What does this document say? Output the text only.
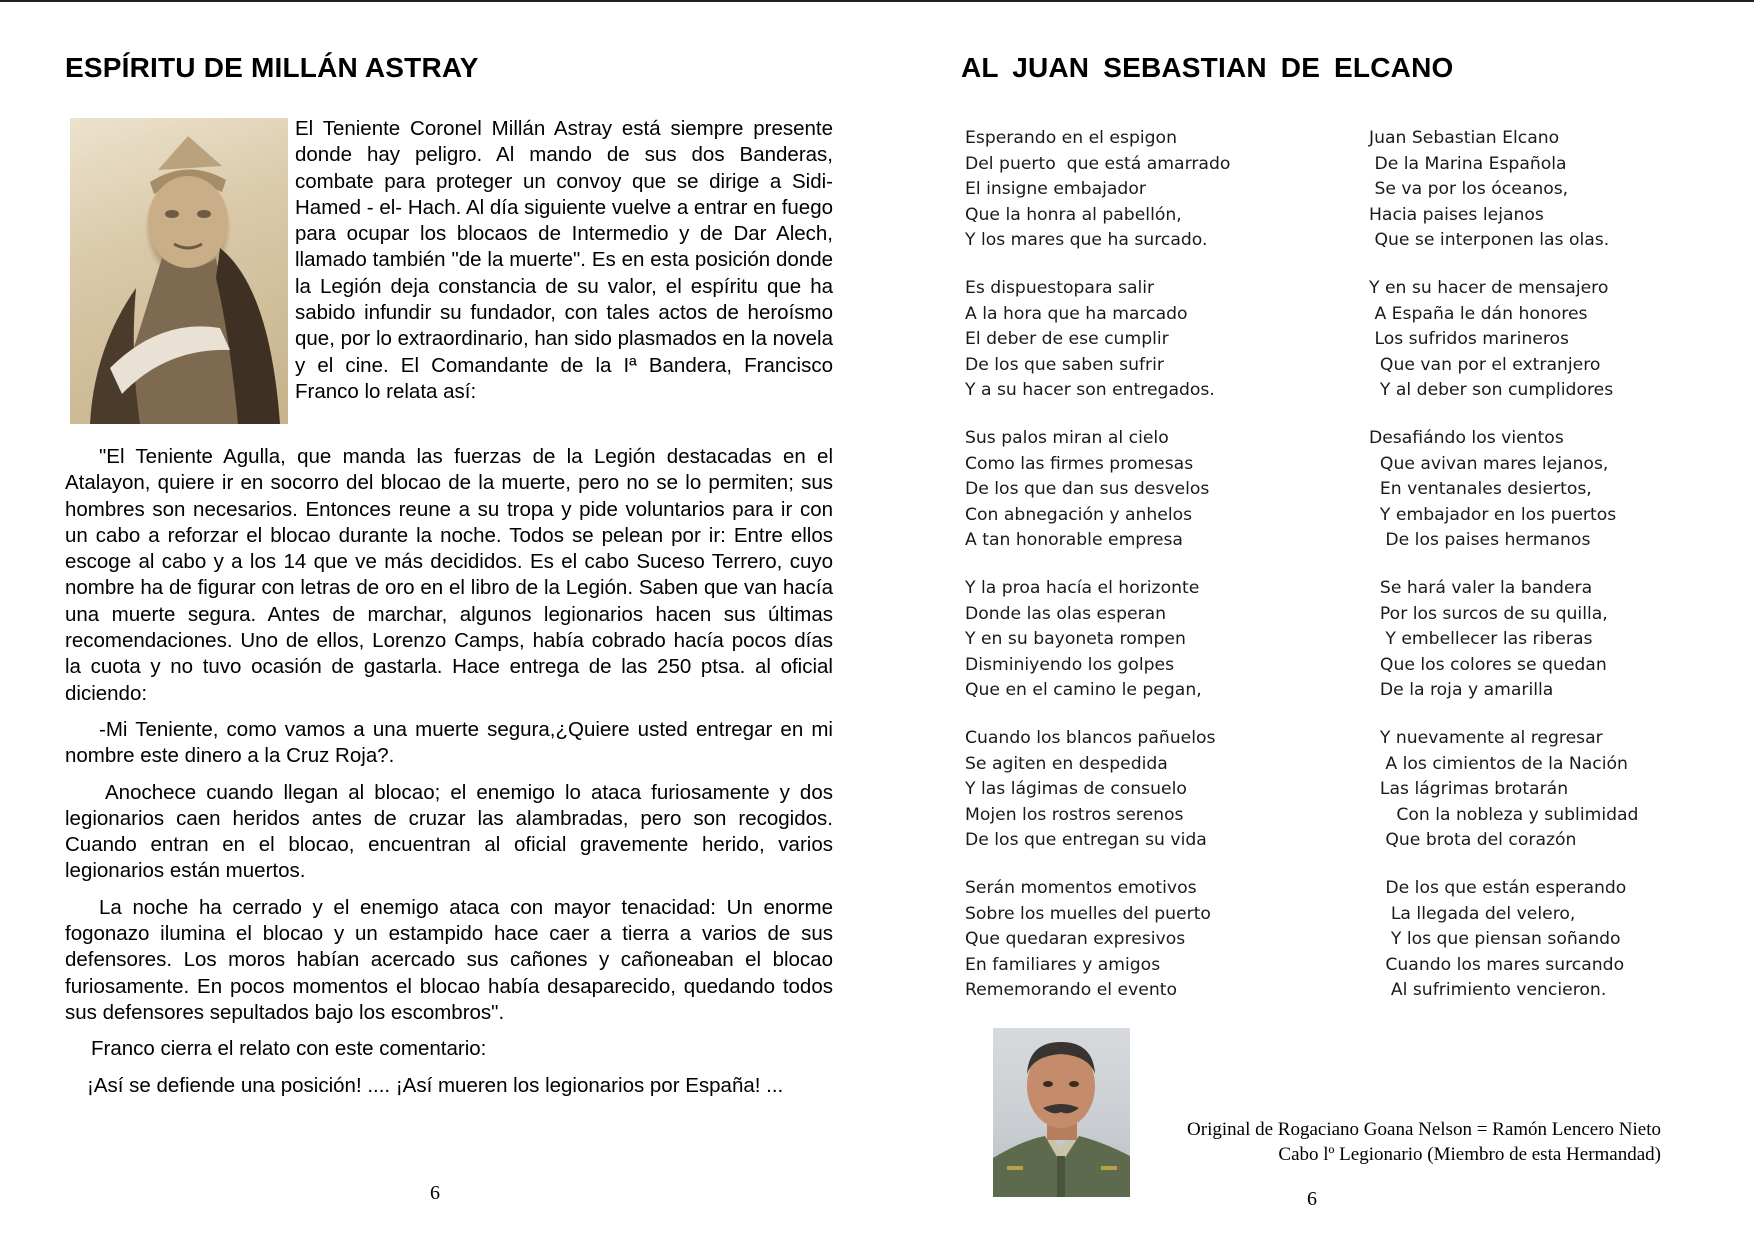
ESPÍRITU DE MILLÁN ASTRAY

El Teniente Coronel Millán Astray está siempre presente donde hay peligro. Al mando de sus dos Banderas, combate para proteger un convoy que se dirige a Sidi-Hamed - el- Hach. Al día siguiente vuelve a entrar en fuego para ocupar los blocaos de Intermedio y de Dar Alech, llamado también "de la muerte". Es en esta posición donde la Legión deja constancia de su valor, el espíritu que ha sabido infundir su fundador, con tales actos de heroísmo que, por lo extraordinario, han sido plasmados en la novela y el cine. El Comandante de la Iª Bandera, Francisco Franco lo relata así:

"El Teniente Agulla, que manda las fuerzas de la Legión destacadas en el Atalayon, quiere ir en socorro del blocao de la muerte, pero no se lo permiten; sus hombres son necesarios. Entonces reune a su tropa y pide voluntarios para ir con un cabo a reforzar el blocao durante la noche. Todos se pelean por ir: Entre ellos escoge al cabo y a los 14 que ve más decididos. Es el cabo Suceso Terrero, cuyo nombre ha de figurar con letras de oro en el libro de la Legión. Saben que van hacía una muerte segura. Antes de marchar, algunos legionarios hacen sus últimas recomendaciones. Uno de ellos, Lorenzo Camps, había cobrado hacía pocos días la cuota y no tuvo ocasión de gastarla. Hace entrega de las 250 ptsa. al oficial diciendo:

-Mi Teniente, como vamos a una muerte segura,¿Quiere usted entregar en mi nombre este dinero a la Cruz Roja?.

Anochece cuando llegan al blocao; el enemigo lo ataca furiosamente y dos legionarios caen heridos antes de cruzar las alambradas, pero son recogidos. Cuando entran en el blocao, encuentran al oficial gravemente herido, varios legionarios están muertos.

La noche ha cerrado y el enemigo ataca con mayor tenacidad: Un enorme fogonazo ilumina el blocao y un estampido hace caer a tierra a varios de sus defensores. Los moros habían acercado sus cañones y cañoneaban el blocao furiosamente. En pocos momentos el blocao había desaparecido, quedando todos sus defensores sepultados bajo los escombros".

Franco cierra el relato con este comentario:

¡Así se defiende una posición! .... ¡Así mueren los legionarios por España! ...

6
AL JUAN SEBASTIAN DE ELCANO
Esperando en el espigon
Del puerto  que está amarrado
El insigne embajador
Que la honra al pabellón,
Y los mares que ha surcado.
Es dispuestopara salir
A la hora que ha marcado
El deber de ese cumplir
De los que saben sufrir
Y a su hacer son entregados.
Sus palos miran al cielo
Como las firmes promesas
De los que dan sus desvelos
Con abnegación y anhelos
A tan honorable empresa
Y la proa hacía el horizonte
Donde las olas esperan
Y en su bayoneta rompen
Disminiyendo los golpes
Que en el camino le pegan,
Cuando los blancos pañuelos
Se agiten en despedida
Y las lágimas de consuelo
Mojen los rostros serenos
De los que entregan su vida
Serán momentos emotivos
Sobre los muelles del puerto
Que quedaran expresivos
En familiares y amigos
Rememorando el evento
Juan Sebastian Elcano
De la Marina Española
Se va por los óceanos,
Hacia paises lejanos
Que se interponen las olas.
Y en su hacer de mensajero
A España le dán honores
Los sufridos marineros
Que van por el extranjero
Y al deber son cumplidores
Desafiándo los vientos
Que avivan mares lejanos,
En ventanales desiertos,
Y embajador en los puertos
De los paises hermanos
Se hará valer la bandera
Por los surcos de su quilla,
Y embellecer las riberas
Que los colores se quedan
De la roja y amarilla
Y nuevamente al regresar
A los cimientos de la Nación
Las lágrimas brotarán
Con la nobleza y sublimidad
Que brota del corazón
De los que están esperando
La llegada del velero,
Y los que piensan soñando
Cuando los mares surcando
Al sufrimiento vencieron.
Original de Rogaciano Goana Nelson = Ramón Lencero Nieto
Cabo lº Legionario (Miembro de esta Hermandad)
6
